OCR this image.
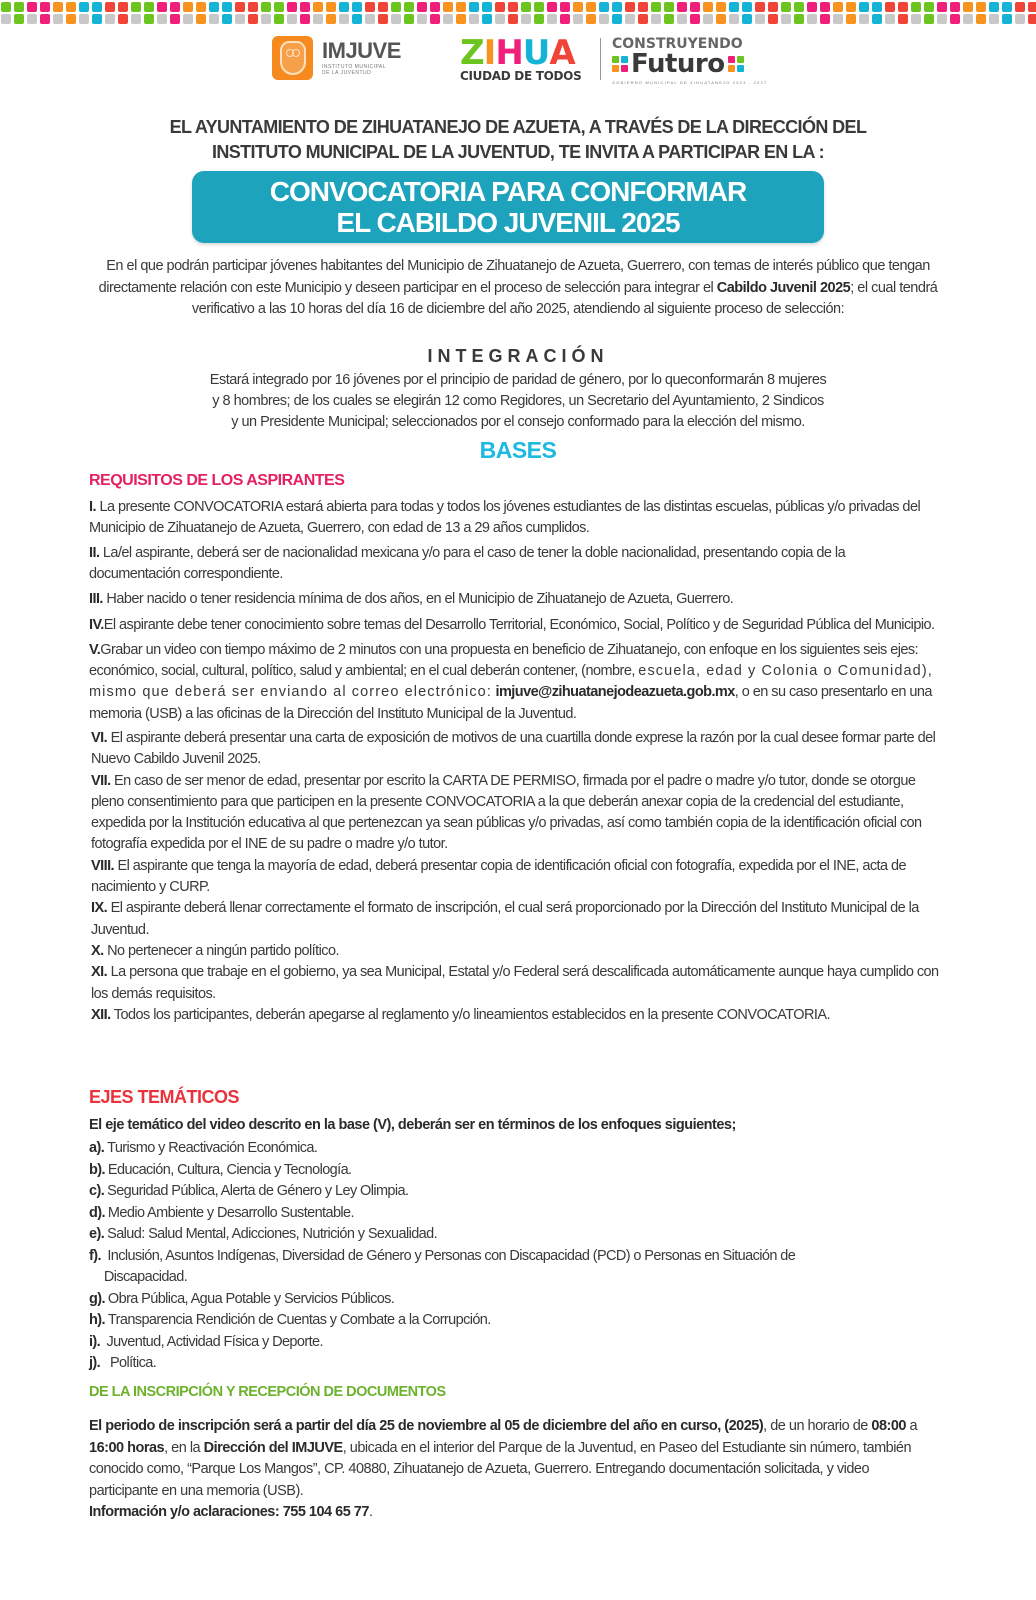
IMJUVE
INSTITUTO MUNICIPAL
DE LA JUVENTUD	ZIHUA
CIUDAD DE TODOS
CONSTRUYENDO
Futuro
GOBIERNO MUNICIPAL DE ZIHUATANEJO 2024 - 2027
EL AYUNTAMIENTO DE ZIHUATANEJO DE AZUETA, A TRAVÉS DE LA DIRECCIÓN DEL
INSTITUTO MUNICIPAL DE LA JUVENTUD, TE INVITA A PARTICIPAR EN LA :
CONVOCATORIA PARA CONFORMAR
EL CABILDO JUVENIL 2025
En el que podrán participar jóvenes habitantes del Municipio de Zihuatanejo de Azueta, Guerrero, con temas de interés público que tengan directamente relación con este Municipio y deseen participar en el proceso de selección para integrar el Cabildo Juvenil 2025; el cual tendrá verificativo a las 10 horas del día 16 de diciembre del año 2025, atendiendo al siguiente proceso de selección:
INTEGRACIÓN
Estará integrado por 16 jóvenes por el principio de paridad de género, por lo queconformarán 8 mujeres
y 8 hombres; de los cuales se elegirán 12 como Regidores, un Secretario del Ayuntamiento, 2 Sindicos
y un Presidente Municipal; seleccionados por el consejo conformado para la elección del mismo.
BASES
REQUISITOS DE LOS ASPIRANTES
I. La presente CONVOCATORIA estará abierta para todas y todos los jóvenes estudiantes de las distintas escuelas, públicas y/o privadas del Municipio de Zihuatanejo de Azueta, Guerrero, con edad de 13 a 29 años cumplidos.
II. La/el aspirante, deberá ser de nacionalidad mexicana y/o para el caso de tener la doble nacionalidad, presentando copia de la documentación correspondiente.
III. Haber nacido o tener residencia mínima de dos años, en el Municipio de Zihuatanejo de Azueta, Guerrero.
IV.El aspirante debe tener conocimiento sobre temas del Desarrollo Territorial, Económico, Social, Político y de Seguridad Pública del Municipio.
V.Grabar un video con tiempo máximo de 2 minutos con una propuesta en beneficio de Zihuatanejo, con enfoque en los siguientes seis ejes: económico, social, cultural, político, salud y ambiental; en el cual deberán contener, (nombre, escuela, edad y Colonia o Comunidad), mismo que deberá ser enviando al correo electrónico: imjuve@zihuatanejodeazueta.gob.mx, o en su caso presentarlo en una memoria (USB) a las oficinas de la Dirección del Instituto Municipal de la Juventud.
VI. El aspirante deberá presentar una carta de exposición de motivos de una cuartilla donde exprese la razón por la cual desee formar parte del Nuevo Cabildo Juvenil 2025.
VII. En caso de ser menor de edad, presentar por escrito la CARTA DE PERMISO, firmada por el padre o madre y/o tutor, donde se otorgue pleno consentimiento para que participen en la presente CONVOCATORIA a la que deberán anexar copia de la credencial del estudiante, expedida por la Institución educativa al que pertenezcan ya sean públicas y/o privadas, así como también copia de la identificación oficial con fotografía expedida por el INE de su padre o madre y/o tutor.
VIII. El aspirante que tenga la mayoría de edad, deberá presentar copia de identificación oficial con fotografía, expedida por el INE, acta de nacimiento y CURP.
IX. El aspirante deberá llenar correctamente el formato de inscripción, el cual será proporcionado por la Dirección del Instituto Municipal de la Juventud.
X. No pertenecer a ningún partido político.
XI. La persona que trabaje en el gobierno, ya sea Municipal, Estatal y/o Federal será descalificada automáticamente aunque haya cumplido con los demás requisitos.
XII. Todos los participantes, deberán apegarse al reglamento y/o lineamientos establecidos en la presente CONVOCATORIA.
EJES TEMÁTICOS
El eje temático del video descrito en la base (V), deberán ser en términos de los enfoques siguientes;
a). Turismo y Reactivación Económica.
b). Educación, Cultura, Ciencia y Tecnología.
c). Seguridad Pública, Alerta de Género y Ley Olimpia.
d). Medio Ambiente y Desarrollo Sustentable.
e). Salud: Salud Mental, Adicciones, Nutrición y Sexualidad.
f). Inclusión, Asuntos Indígenas, Diversidad de Género y Personas con Discapacidad (PCD) o Personas en Situación de Discapacidad.
g). Obra Pública, Agua Potable y Servicios Públicos.
h). Transparencia Rendición de Cuentas y Combate a la Corrupción.
i). Juventud, Actividad Física y Deporte.
j). Política.
DE LA INSCRIPCIÓN Y RECEPCIÓN DE DOCUMENTOS
El periodo de inscripción será a partir del día 25 de noviembre al 05 de diciembre del año en curso, (2025), de un horario de 08:00 a 16:00 horas, en la Dirección del IMJUVE, ubicada en el interior del Parque de la Juventud, en Paseo del Estudiante sin número, también conocido como, “Parque Los Mangos”, CP. 40880, Zihuatanejo de Azueta, Guerrero. Entregando documentación solicitada, y video participante en una memoria (USB).
Información y/o aclaraciones: 755 104 65 77.
